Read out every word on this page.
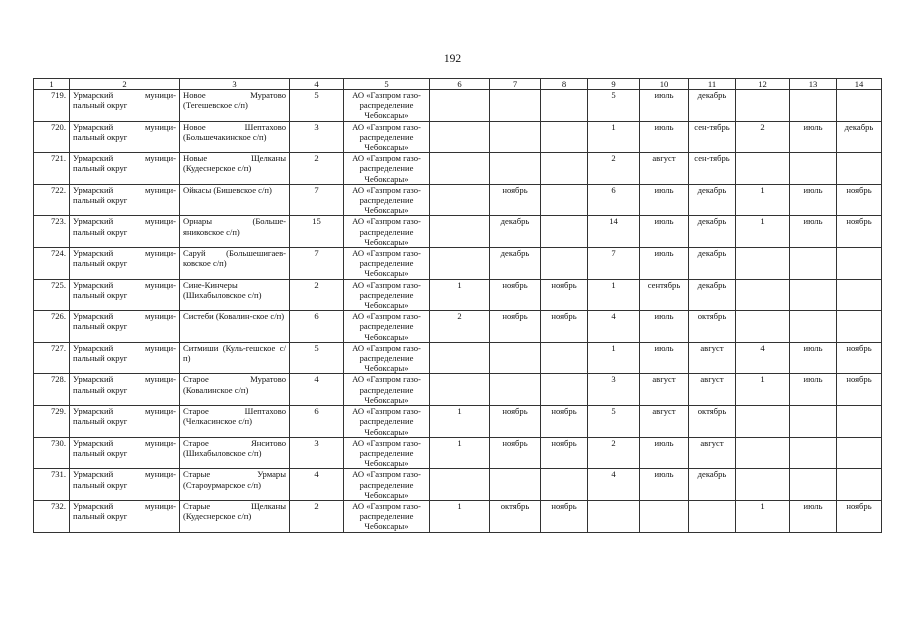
192
1	2	3	4	5	6	7	8	9	10	11	12	13	14
719.	Урмарский муници-пальный округ	Новое Муратово (Тегешевское с/п)	5	АО «Газпром газо-распределение Чебоксары»				5	июль	декабрь			
720.	Урмарский муници-пальный округ	Новое Шептахово (Большечакинское с/п)	3	АО «Газпром газо-распределение Чебоксары»				1	июль	сен-тябрь	2	июль	декабрь
721.	Урмарский муници-пальный округ	Новые Щелканы (Кудеснерское с/п)	2	АО «Газпром газо-распределение Чебоксары»				2	август	сен-тябрь			
722.	Урмарский муници-пальный округ	Ойкасы (Бишевское с/п)	7	АО «Газпром газо-распределение Чебоксары»		ноябрь		6	июль	декабрь	1	июль	ноябрь
723.	Урмарский муници-пальный округ	Орнары (Больше-яниковское с/п)	15	АО «Газпром газо-распределение Чебоксары»		декабрь		14	июль	декабрь	1	июль	ноябрь
724.	Урмарский муници-пальный округ	Саруй (Большешигаев-ковское с/п)	7	АО «Газпром газо-распределение Чебоксары»		декабрь		7	июль	декабрь			
725.	Урмарский муници-пальный округ	Сине-Кинчеры (Шихабыловское с/п)	2	АО «Газпром газо-распределение Чебоксары»	1	ноябрь	ноябрь	1	сентябрь	декабрь			
726.	Урмарский муници-пальный округ	Систеби (Ковалин-ское с/п)	6	АО «Газпром газо-распределение Чебоксары»	2	ноябрь	ноябрь	4	июль	октябрь			
727.	Урмарский муници-пальный округ	Ситмиши (Куль-гешское с/п)	5	АО «Газпром газо-распределение Чебоксары»				1	июль	август	4	июль	ноябрь
728.	Урмарский муници-пальный округ	Старое Муратово (Ковалинское с/п)	4	АО «Газпром газо-распределение Чебоксары»				3	август	август	1	июль	ноябрь
729.	Урмарский муници-пальный округ	Старое Шептахово (Челкасинское с/п)	6	АО «Газпром газо-распределение Чебоксары»	1	ноябрь	ноябрь	5	август	октябрь			
730.	Урмарский муници-пальный округ	Старое Янситово (Шихабыловское с/п)	3	АО «Газпром газо-распределение Чебоксары»	1	ноябрь	ноябрь	2	июль	август			
731.	Урмарский муници-пальный округ	Старые Урмары (Староурмарское с/п)	4	АО «Газпром газо-распределение Чебоксары»				4	июль	декабрь			
732.	Урмарский муници-пальный округ	Старые Щелканы (Кудеснерское с/п)	2	АО «Газпром газо-распределение Чебоксары»	1	октябрь	ноябрь				1	июль	ноябрь
